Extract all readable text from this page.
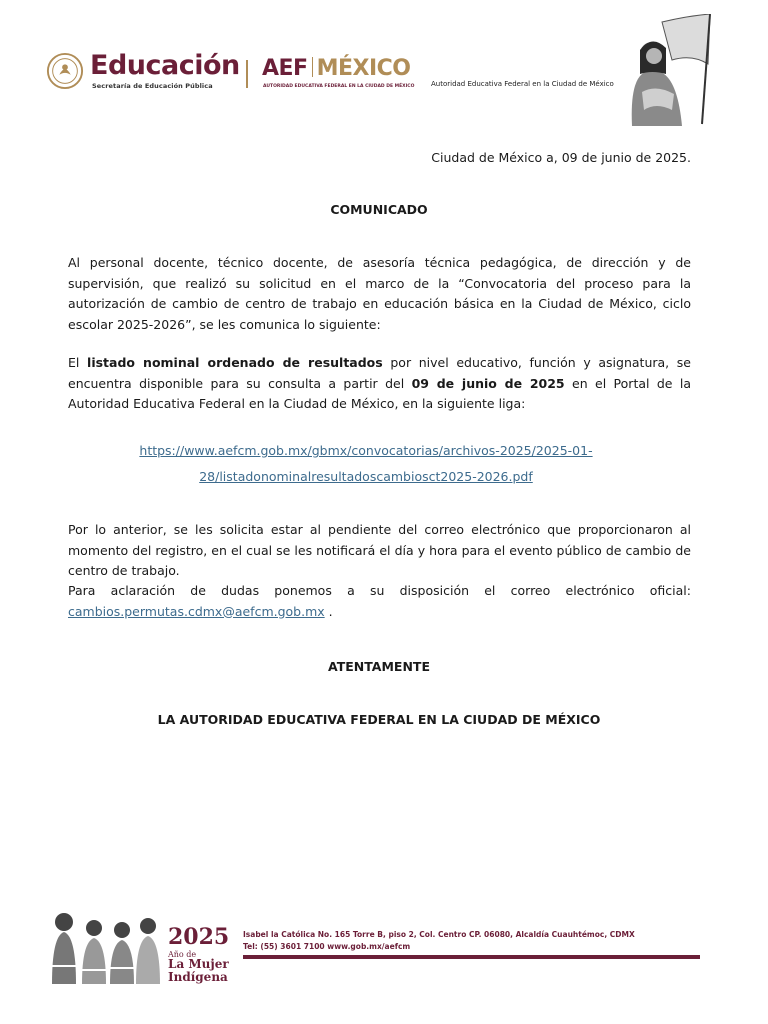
Educación
Secretaría de Educación Pública
AEF MÉXICO
AUTORIDAD EDUCATIVA FEDERAL EN LA CIUDAD DE MÉXICO Autoridad Educativa Federal en la Ciudad de México
Ciudad de México a, 09 de junio de 2025.
COMUNICADO
Al personal docente, técnico docente, de asesoría técnica pedagógica, de dirección y de supervisión, que realizó su solicitud en el marco de la “Convocatoria del proceso para la autorización de cambio de centro de trabajo en educación básica en la Ciudad de México, ciclo escolar 2025-2026”, se les comunica lo siguiente:
El listado nominal ordenado de resultados por nivel educativo, función y asignatura, se encuentra disponible para su consulta a partir del 09 de junio de 2025 en el Portal de la Autoridad Educativa Federal en la Ciudad de México, en la siguiente liga:
https://www.aefcm.gob.mx/gbmx/convocatorias/archivos-2025/2025-01-
28/listadonominalresultadoscambiosct2025-2026.pdf
Por lo anterior, se les solicita estar al pendiente del correo electrónico que proporcionaron al momento del registro, en el cual se les notificará el día y hora para el evento público de cambio de centro de trabajo.
Para aclaración de dudas ponemos a su disposición el correo electrónico oficial: cambios.permutas.cdmx@aefcm.gob.mx .
ATENTAMENTE
LA AUTORIDAD EDUCATIVA FEDERAL EN LA CIUDAD DE MÉXICO
2025
Año de
La Mujer
Indígena
Isabel la Católica No. 165 Torre B, piso 2, Col. Centro CP. 06080, Alcaldía Cuauhtémoc, CDMX
Tel: (55) 3601 7100 www.gob.mx/aefcm
